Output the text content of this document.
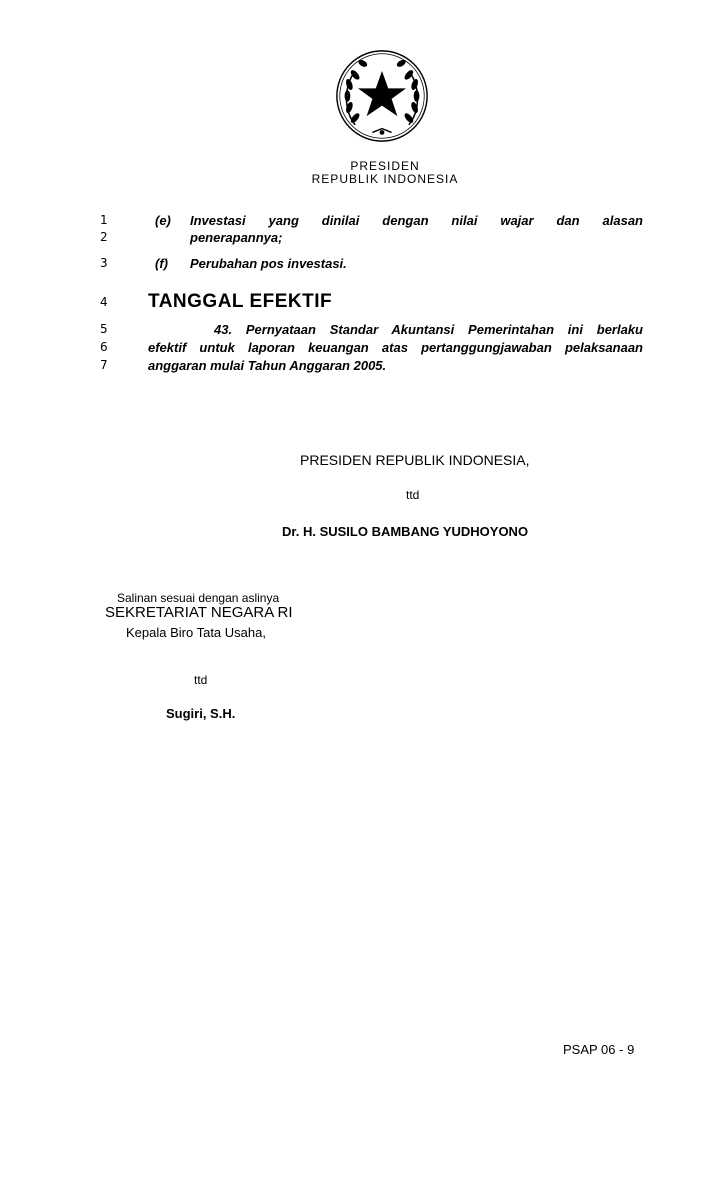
PRESIDEN
REPUBLIK INDONESIA
1
2
3
4
5
6
7
(e) Investasi yang dinilai dengan nilai wajar dan alasan
penerapannya;
(f) Perubahan pos investasi.
TANGGAL EFEKTIF
43. Pernyataan Standar Akuntansi Pemerintahan ini berlaku
efektif untuk laporan keuangan atas pertanggungjawaban pelaksanaan
anggaran mulai Tahun Anggaran 2005.
PRESIDEN REPUBLIK INDONESIA,
ttd
Dr. H. SUSILO BAMBANG YUDHOYONO
Salinan sesuai dengan aslinya
SEKRETARIAT NEGARA RI
Kepala Biro Tata Usaha,
ttd
Sugiri, S.H.
PSAP 06 - 9
